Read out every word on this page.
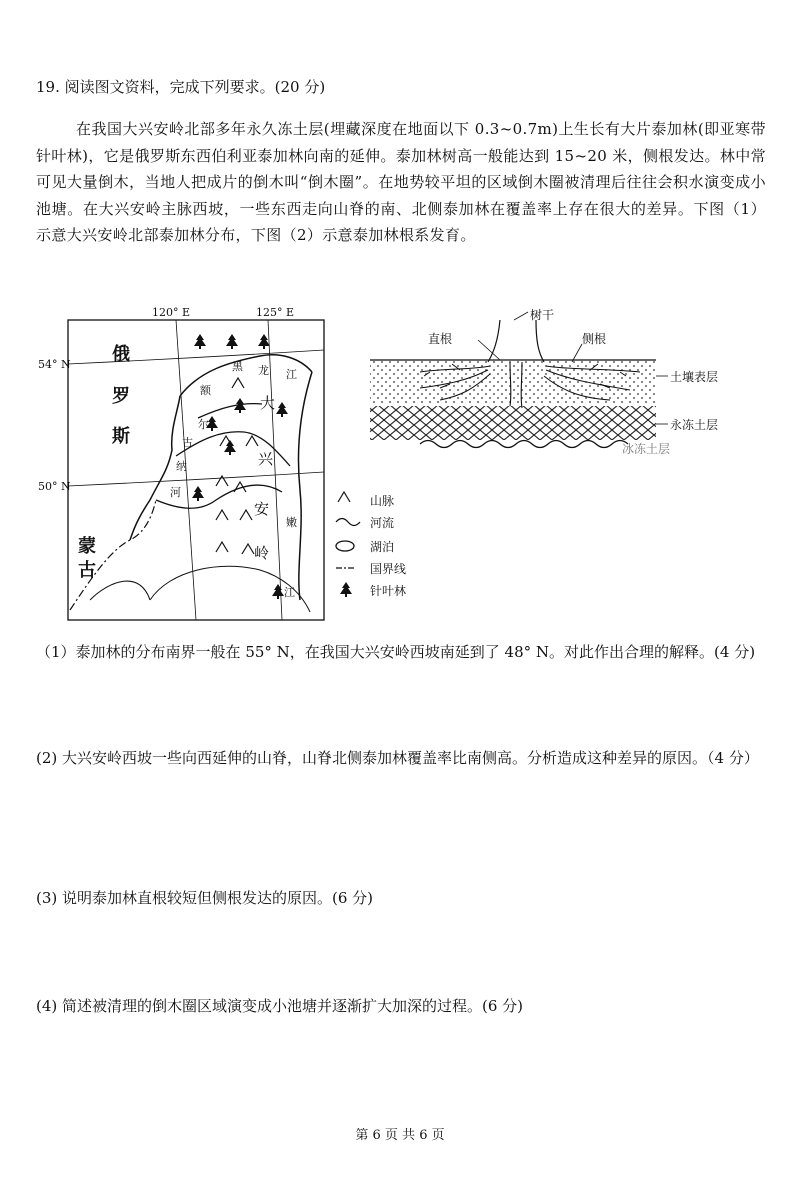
19. 阅读图文资料，完成下列要求。(20 分)
在我国大兴安岭北部多年永久冻土层(埋藏深度在地面以下 0.3~0.7m)上生长有大片泰加林(即亚寒带针叶林)，它是俄罗斯东西伯利亚泰加林向南的延伸。泰加林树高一般能达到 15~20 米，侧根发达。林中常可见大量倒木，当地人把成片的倒木叫“倒木圈”。在地势较平坦的区域倒木圈被清理后往往会积水演变成小池塘。在大兴安岭主脉西坡，一些东西走向山脊的南、北侧泰加林在覆盖率上存在很大的差异。下图（1）示意大兴安岭北部泰加林分布，下图（2）示意泰加林根系发育。
120° E	125° E
54° N
50° N
俄
罗
斯
蒙
古
黑 龙 江
额
尔
古
纳
河
大
兴
安
岭
嫩
江
山脉
河流
湖泊
国界线
针叶林
树干
直根	侧根
土壤表层
永冻土层
冰冻土层
（1）泰加林的分布南界一般在 55° N，在我国大兴安岭西坡南延到了 48° N。对此作出合理的解释。(4 分)
(2) 大兴安岭西坡一些向西延伸的山脊，山脊北侧泰加林覆盖率比南侧高。分析造成这种差异的原因。（4 分）
(3) 说明泰加林直根较短但侧根发达的原因。(6 分)
(4) 简述被清理的倒木圈区域演变成小池塘并逐渐扩大加深的过程。(6 分)
第 6 页 共 6 页
